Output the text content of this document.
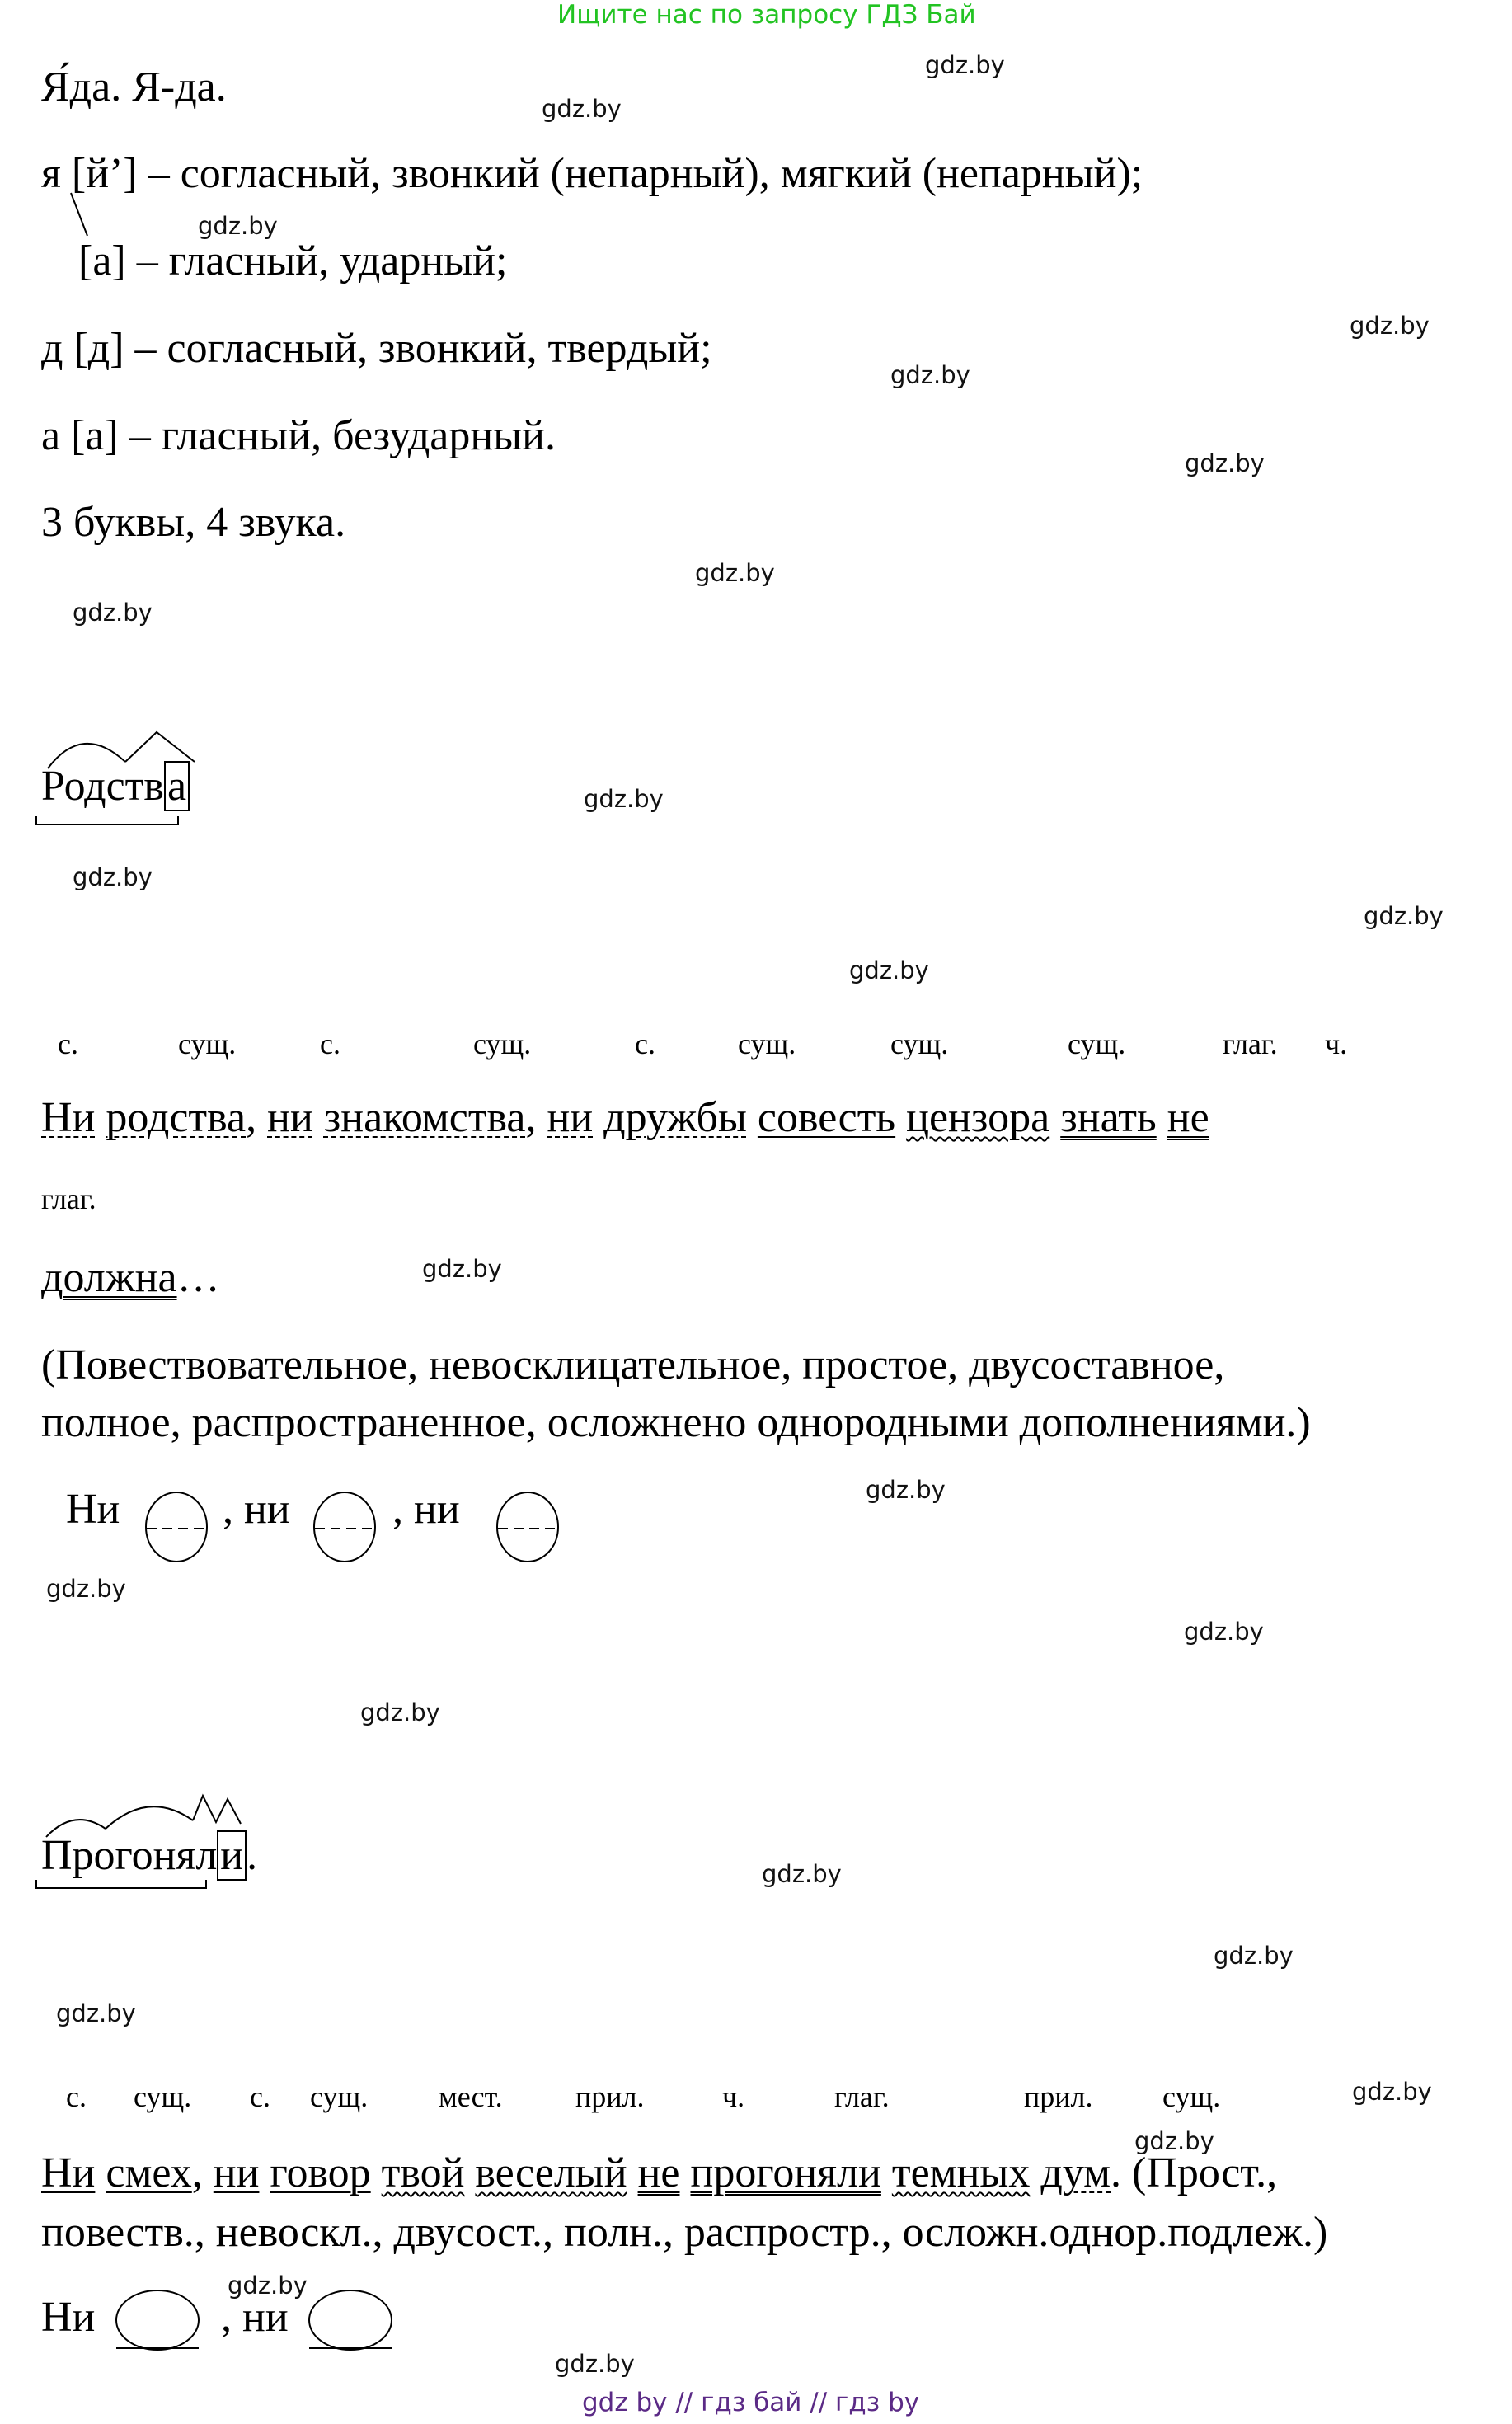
Ищите нас по запросу ГДЗ Бай
Я́да. Я-да.
я [й’] – согласный, звонкий (непарный), мягкий (непарный);
[а] – гласный, ударный;
д [д] – согласный, звонкий, твердый;
а [а] – гласный, безударный.
3 буквы, 4 звука.
Родства
с.	сущ.	с.	сущ.	с.	сущ.	сущ.	сущ.	глаг. ч.
Ни родства, ни знакомства, ни дружбы совесть цензора знать не
глаг.
должна…
(Повествовательное, невосклицательное, простое, двусоставное,
полное, распространенное, осложнено однородными дополнениями.)
Ни , ни , ни
Прогоняли.
с. сущ. с. сущ. мест. прил.	ч.	глаг.	прил. сущ.
Ни смех, ни говор твой веселый не прогоняли темных дум. (Прост.,
повеств., невоскл., двусост., полн., распростр., осложн.однор.подлеж.)
Ни	, ни
gdz.by
gdz.by
gdz.by
gdz.by
gdz.by
gdz.by
gdz.by
gdz.by
gdz.by
gdz.by
gdz.by
gdz.by
gdz.by
gdz.by
gdz.by
gdz.by
gdz.by
gdz.by
gdz.by
gdz.by
gdz.by
gdz.by
gdz.by
gdz.by
gdz by // гдз бай // гдз by
